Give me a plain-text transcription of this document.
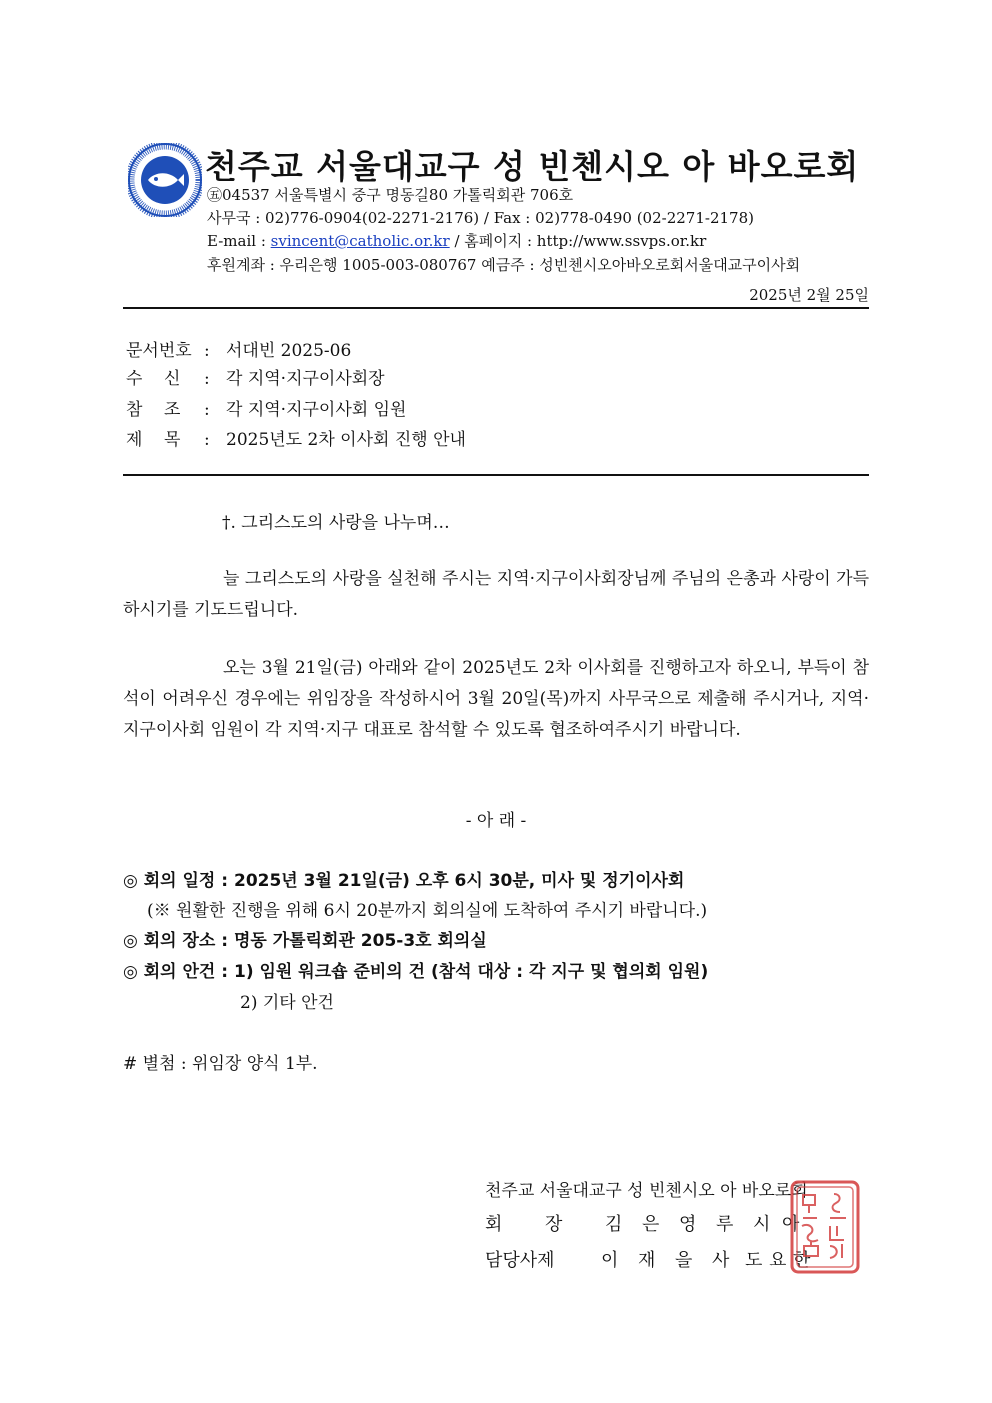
천주교 서울대교구 성 빈첸시오 아 바오로회
㊄04537 서울특별시 중구 명동길80 가톨릭회관 706호
사무국 : 02)776-0904(02-2271-2176) / Fax : 02)778-0490 (02-2271-2178)
E-mail : svincent@catholic.or.kr / 홈페이지 : http://www.ssvps.or.kr
후원계좌 : 우리은행 1005-003-080767 예금주 : 성빈첸시오아바오로회서울대교구이사회
2025년 2월 25일
문서번호 : 서대빈 2025-06
수    신 : 각 지역·지구이사회장
참    조 : 각 지역·지구이사회 임원
제    목 : 2025년도 2차 이사회 진행 안내
†. 그리스도의 사랑을 나누며…
늘 그리스도의 사랑을 실천해 주시는 지역·지구이사회장님께 주님의 은총과 사랑이 가득하시기를 기도드립니다.
오는 3월 21일(금) 아래와 같이 2025년도 2차 이사회를 진행하고자 하오니, 부득이 참석이 어려우신 경우에는 위임장을 작성하시어 3월 20일(목)까지 사무국으로 제출해 주시거나, 지역·지구이사회 임원이 각 지역·지구 대표로 참석할 수 있도록 협조하여주시기 바랍니다.
- 아 래 -
◎ 회의 일정 : 2025년 3월 21일(금) 오후 6시 30분, 미사 및 정기이사회
(※ 원활한 진행을 위해 6시 20분까지 회의실에 도착하여 주시기 바랍니다.)
◎ 회의 장소 : 명동 가톨릭회관 205-3호 회의실
◎ 회의 안건 : 1) 임원 워크숍 준비의 건 (참석 대상 : 각 지구 및 협의회 임원)
2) 기타 안건
# 별첨 : 위임장 양식 1부.
천주교 서울대교구 성 빈첸시오 아 바오로회
회 장 김 은 영 루 시 아
담당사제	이 재 을 사 도 요 한
